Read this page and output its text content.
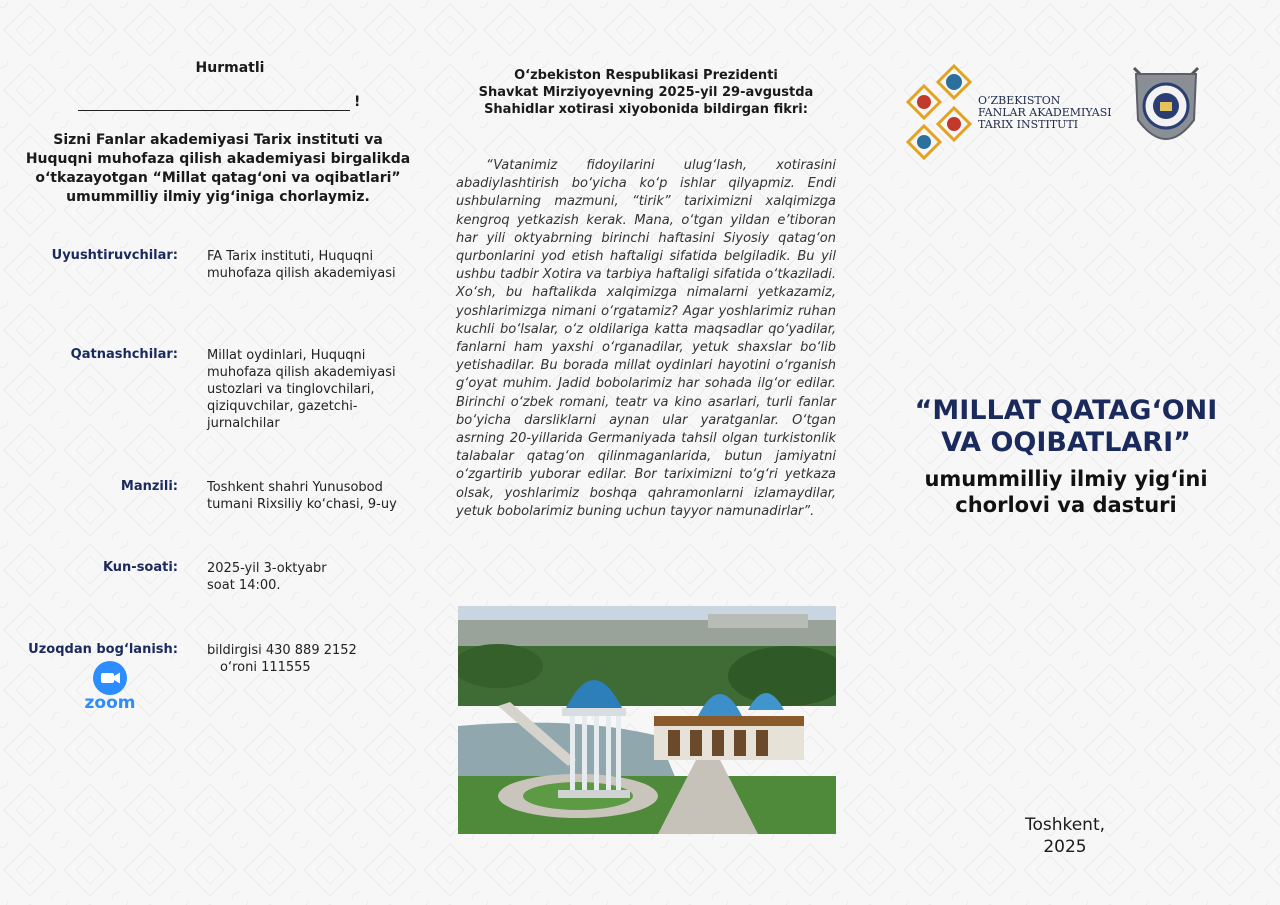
Hurmatli
!
Sizni Fanlar akademiyasi Tarix instituti va Huquqni muhofaza qilish akademiyasi birgalikda o‘tkazayotgan “Millat qatag‘oni va oqibatlari” umummilliy ilmiy yig‘iniga chorlaymiz.
Uyushtiruvchilar: FA Tarix instituti, Huquqni muhofaza qilish akademiyasi
Qatnashchilar: Millat oydinlari, Huquqni muhofaza qilish akademiyasi ustozlari va tinglovchilari, qiziquvchilar, gazetchi-jurnalchilar
Manzili: Toshkent shahri Yunusobod tumani Rixsiliy ko‘chasi, 9-uy
Kun-soati: 2025-yil 3-oktyabr
soat 14:00.
Uzoqdan bog‘lanish: bildirgisi 430 889 2152
o‘roni 111555
zoom
O‘zbekiston Respublikasi Prezidenti
Shavkat Mirziyoyevning 2025-yil 29-avgustda
Shahidlar xotirasi xiyobonida bildirgan fikri:
“Vatanimiz fidoyilarini ulug‘lash, xotirasini abadiylashtirish bo‘yicha ko‘p ishlar qilyapmiz. Endi ushbularning mazmuni, “tirik” tariximizni xalqimizga kengroq yetkazish kerak. Mana, o‘tgan yildan e’tiboran har yili oktyabrning birinchi haftasini Siyosiy qatag‘on qurbonlarini yod etish haftaligi sifatida belgiladik. Bu yil ushbu tadbir Xotira va tarbiya haftaligi sifatida o‘tkaziladi. Xo‘sh, bu haftalikda xalqimizga nimalarni yetkazamiz, yoshlarimizga nimani o‘rgatamiz? Agar yoshlarimiz ruhan kuchli bo‘lsalar, o‘z oldilariga katta maqsadlar qo‘yadilar, fanlarni ham yaxshi o‘rganadilar, yetuk shaxslar bo‘lib yetishadilar. Bu borada millat oydinlari hayotini o‘rganish g‘oyat muhim. Jadid bobolarimiz har sohada ilg‘or edilar. Birinchi o‘zbek romani, teatr va kino asarlari, turli fanlar bo‘yicha darsliklarni aynan ular yaratganlar. O‘tgan asrning 20-yillarida Germaniyada tahsil olgan turkistonlik talabalar qatag‘on qilinmaganlarida, butun jamiyatni o‘zgartirib yuborar edilar. Bor tariximizni to‘g‘ri yetkaza olsak, yoshlarimiz boshqa qahramonlarni izlamaydilar, yetuk bobolarimiz buning uchun tayyor namunadirlar”.
O‘ZBEKISTON
FANLAR AKADEMIYASI
TARIX INSTITUTI
“MILLAT QATAG‘ONI
VA OQIBATLARI”
umummilliy ilmiy yig‘ini
chorlovi va dasturi
Toshkent,
2025
